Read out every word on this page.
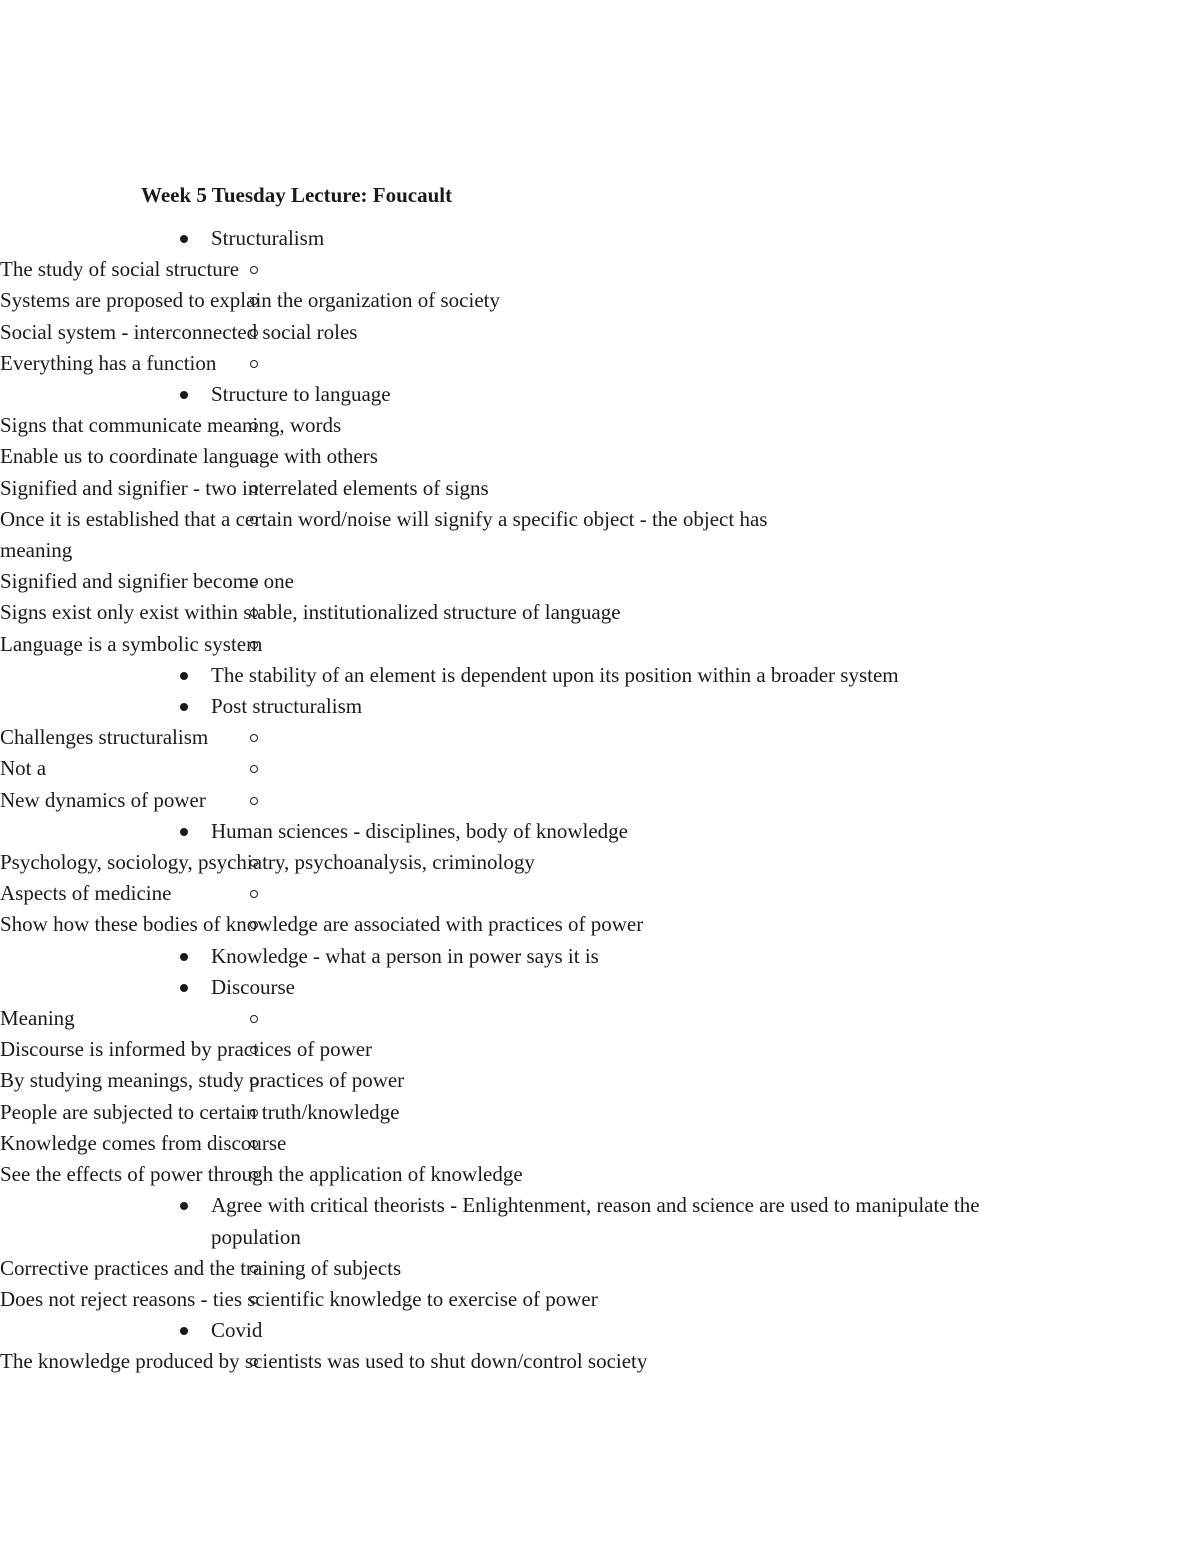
Week 5 Tuesday Lecture: Foucault
Structuralism
The study of social structure
Systems are proposed to explain the organization of society
Social system - interconnected social roles
Everything has a function
Structure to language
Signs that communicate meaning, words
Enable us to coordinate language with others
Signified and signifier - two interrelated elements of signs
Once it is established that a certain word/noise will signify a specific object - the object has meaning
Signified and signifier become one
Signs exist only exist within stable, institutionalized structure of language
Language is a symbolic system
The stability of an element is dependent upon its position within a broader system
Post structuralism
Challenges structuralism
Not a
New dynamics of power
Human sciences - disciplines, body of knowledge
Psychology, sociology, psychiatry, psychoanalysis, criminology
Aspects of medicine
Show how these bodies of knowledge are associated with practices of power
Knowledge - what a person in power says it is
Discourse
Meaning
Discourse is informed by practices of power
By studying meanings, study practices of power
People are subjected to certain truth/knowledge
Knowledge comes from discourse
See the effects of power through the application of knowledge
Agree with critical theorists - Enlightenment, reason and science are used to manipulate the population
Corrective practices and the training of subjects
Does not reject reasons - ties scientific knowledge to exercise of power
Covid
The knowledge produced by scientists was used to shut down/control society
